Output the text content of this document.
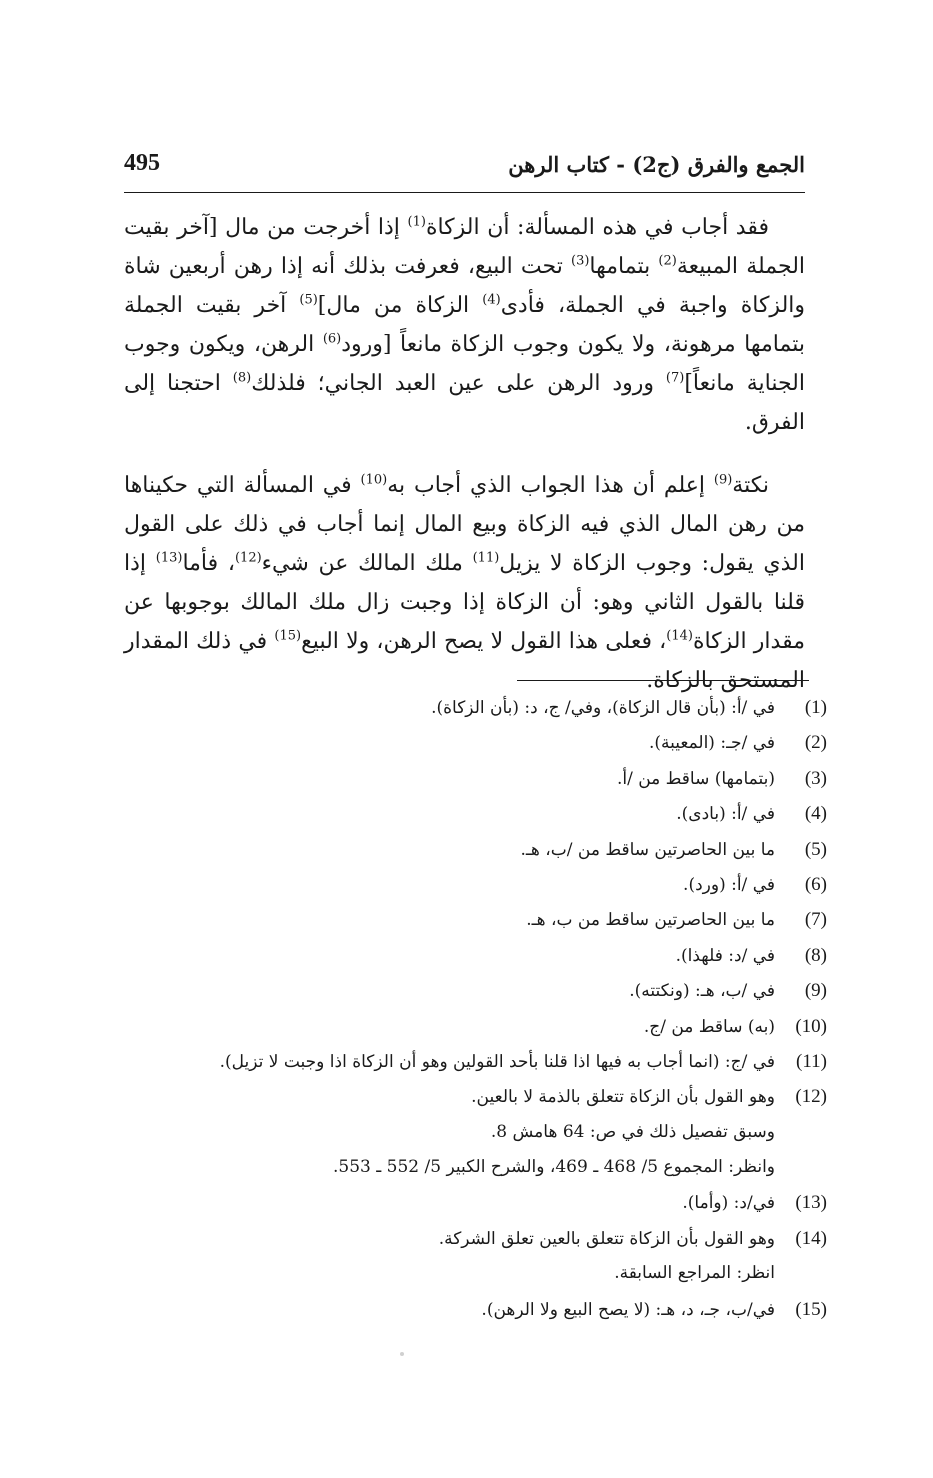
الجمع والفرق (ج2) - كتاب الرهن
495

فقد أجاب في هذه المسألة: أن الزكاة$^{(1)}$ إذا أخرجت من مال [آخر بقيت الجملة المبيعة$^{(2)}$ بتمامها$^{(3)}$ تحت البيع، فعرفت بذلك أنه إذا رهن أربعين شاة والزكاة واجبة في الجملة، فأدى$^{(4)}$ الزكاة من مال]$^{(5)}$ آخر بقيت الجملة بتمامها مرهونة، ولا يكون وجوب الزكاة مانعاً [ورود$^{(6)}$ الرهن، ويكون وجوب الجناية مانعاً]$^{(7)}$ ورود الرهن على عين العبد الجاني؛ فلذلك$^{(8)}$ احتجنا إلى الفرق.

نكتة$^{(9)}$ إعلم أن هذا الجواب الذي أجاب به$^{(10)}$ في المسألة التي حكيناها من رهن المال الذي فيه الزكاة وبيع المال إنما أجاب في ذلك على القول الذي يقول: وجوب الزكاة لا يزيل$^{(11)}$ ملك المالك عن شيء$^{(12)}$، فأما$^{(13)}$ إذا قلنا بالقول الثاني وهو: أن الزكاة إذا وجبت زال ملك المالك بوجوبها عن مقدار الزكاة$^{(14)}$، فعلى هذا القول لا يصح الرهن، ولا البيع$^{(15)}$ في ذلك المقدار المستحق بالزكاة.

(1)
في /أ: (بأن قال الزكاة)، وفي/ ج، د: (بأن الزكاة).
(2)
في /جـ: (المعيبة).
(3)
(بتمامها) ساقط من /أ.
(4)
في /أ: (بادى).
(5)
ما بين الحاصرتين ساقط من /ب، هـ.
(6)
في /أ: (ورد).
(7)
ما بين الحاصرتين ساقط من ب، هـ.
(8)
في /د: فلهذا).
(9)
في /ب، هـ: (ونكتته).
(10)
(به) ساقط من /ج.
(11)
في /ج: (انما أجاب به فيها اذا قلنا بأحد القولين وهو أن الزكاة اذا وجبت لا تزيل).
(12)
وهو القول بأن الزكاة تتعلق بالذمة لا بالعين.
وسبق تفصيل ذلك في ص: 64 هامش 8.
وانظر: المجموع 5/ 468 ـ 469، والشرح الكبير 5/ 552 ـ 553.
(13)
في/د: (وأما).
(14)
وهو القول بأن الزكاة تتعلق بالعين تعلق الشركة.
انظر: المراجع السابقة.
(15)
في/ب، جـ، د، هـ: (لا يصح البيع ولا الرهن).
